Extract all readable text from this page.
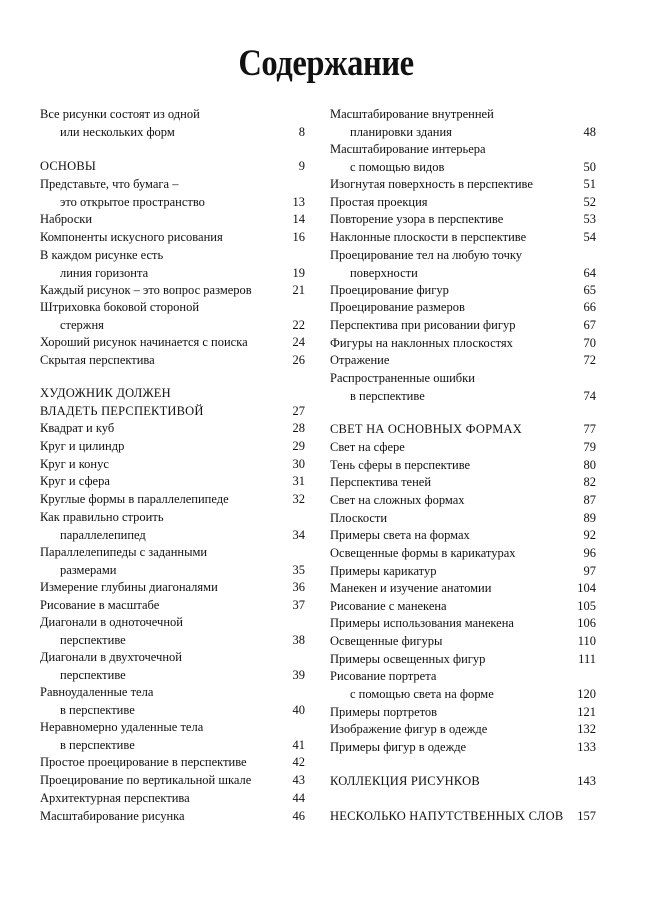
Содержание
Все рисунки состоят из одной
или нескольких форм	8
ОСНОВЫ	9
Представьте, что бумага –
это открытое пространство	13
Наброски	14
Компоненты искусного рисования	16
В каждом рисунке есть
линия горизонта	19
Каждый рисунок – это вопрос размеров	21
Штриховка боковой стороной
стержня	22
Хороший рисунок начинается с поиска	24
Скрытая перспектива	26
ХУДОЖНИК ДОЛЖЕН
ВЛАДЕТЬ ПЕРСПЕКТИВОЙ	27
Квадрат и куб	28
Круг и цилиндр	29
Круг и конус	30
Круг и сфера	31
Круглые формы в параллелепипеде	32
Как правильно строить
параллелепипед	34
Параллелепипеды с заданными
размерами	35
Измерение глубины диагоналями	36
Рисование в масштабе	37
Диагонали в одноточечной
перспективе	38
Диагонали в двухточечной
перспективе	39
Равноудаленные тела
в перспективе	40
Неравномерно удаленные тела
в перспективе	41
Простое проецирование в перспективе	42
Проецирование по вертикальной шкале	43
Архитектурная перспектива	44
Масштабирование рисунка	46
Масштабирование внутренней
планировки здания	48
Масштабирование интерьера
с помощью видов	50
Изогнутая поверхность в перспективе	51
Простая проекция	52
Повторение узора в перспективе	53
Наклонные плоскости в перспективе	54
Проецирование тел на любую точку
поверхности	64
Проецирование фигур	65
Проецирование размеров	66
Перспектива при рисовании фигур	67
Фигуры на наклонных плоскостях	70
Отражение	72
Распространенные ошибки
в перспективе	74
СВЕТ НА ОСНОВНЫХ ФОРМАХ	77
Свет на сфере	79
Тень сферы в перспективе	80
Перспектива теней	82
Свет на сложных формах	87
Плоскости	89
Примеры света на формах	92
Освещенные формы в карикатурах	96
Примеры карикатур	97
Манекен и изучение анатомии	104
Рисование с манекена	105
Примеры использования манекена	106
Освещенные фигуры	110
Примеры освещенных фигур	111
Рисование портрета
с помощью света на форме	120
Примеры портретов	121
Изображение фигур в одежде	132
Примеры фигур в одежде	133
КОЛЛЕКЦИЯ РИСУНКОВ	143
НЕСКОЛЬКО НАПУТСТВЕННЫХ СЛОВ	157
